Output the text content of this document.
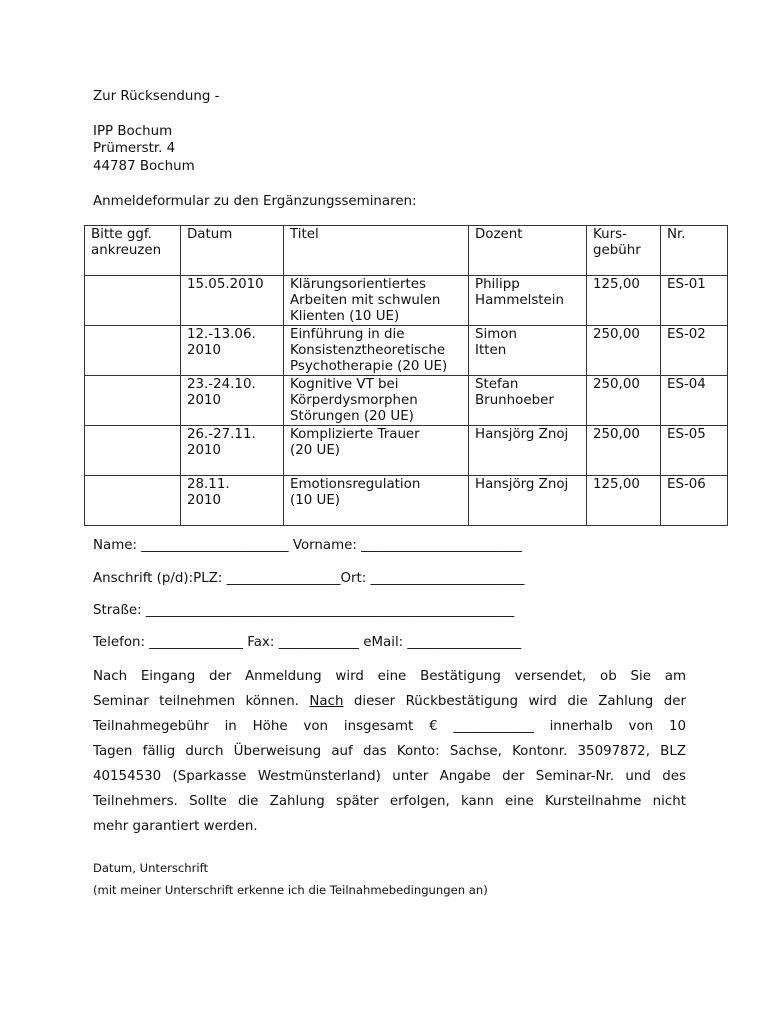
Zur Rücksendung -
IPP Bochum
Prümerstr. 4
44787 Bochum
Anmeldeformular zu den Ergänzungsseminaren:
Bitte ggf.
ankreuzen	Datum	Titel	Dozent	Kurs-
gebühr	Nr.

	15.05.2010	Klärungsorientiertes
Arbeiten mit schwulen
Klienten (10 UE)	Philipp
Hammelstein	125,00	ES-01

	12.-13.06.
2010	Einführung in die
Konsistenztheoretische
Psychotherapie (20 UE)	Simon
Itten	250,00	ES-02

	23.-24.10.
2010	Kognitive VT bei
Körperdysmorphen
Störungen (20 UE)	Stefan
Brunhoeber	250,00	ES-04

	26.-27.11.
2010	Komplizierte Trauer
(20 UE)	Hansjörg Znoj	250,00	ES-05

	28.11.
2010	Emotionsregulation
(10 UE)	Hansjörg Znoj	125,00	ES-06
Name: ______________________ Vorname: ________________________
Anschrift (p/d):PLZ: _________________Ort: _______________________
Straße: _______________________________________________________
Telefon: ______________ Fax: ____________ eMail: _________________
Nach Eingang der Anmeldung wird eine Bestätigung versendet, ob Sie am
Seminar teilnehmen können. Nach dieser Rückbestätigung wird die Zahlung der
Teilnahmegebühr in Höhe von insgesamt € ____________ innerhalb von 10
Tagen fällig durch Überweisung auf das Konto: Sachse, Kontonr. 35097872, BLZ
40154530 (Sparkasse Westmünsterland) unter Angabe der Seminar-Nr. und des
Teilnehmers. Sollte die Zahlung später erfolgen, kann eine Kursteilnahme nicht
mehr garantiert werden.
Datum, Unterschrift
(mit meiner Unterschrift erkenne ich die Teilnahmebedingungen an)
